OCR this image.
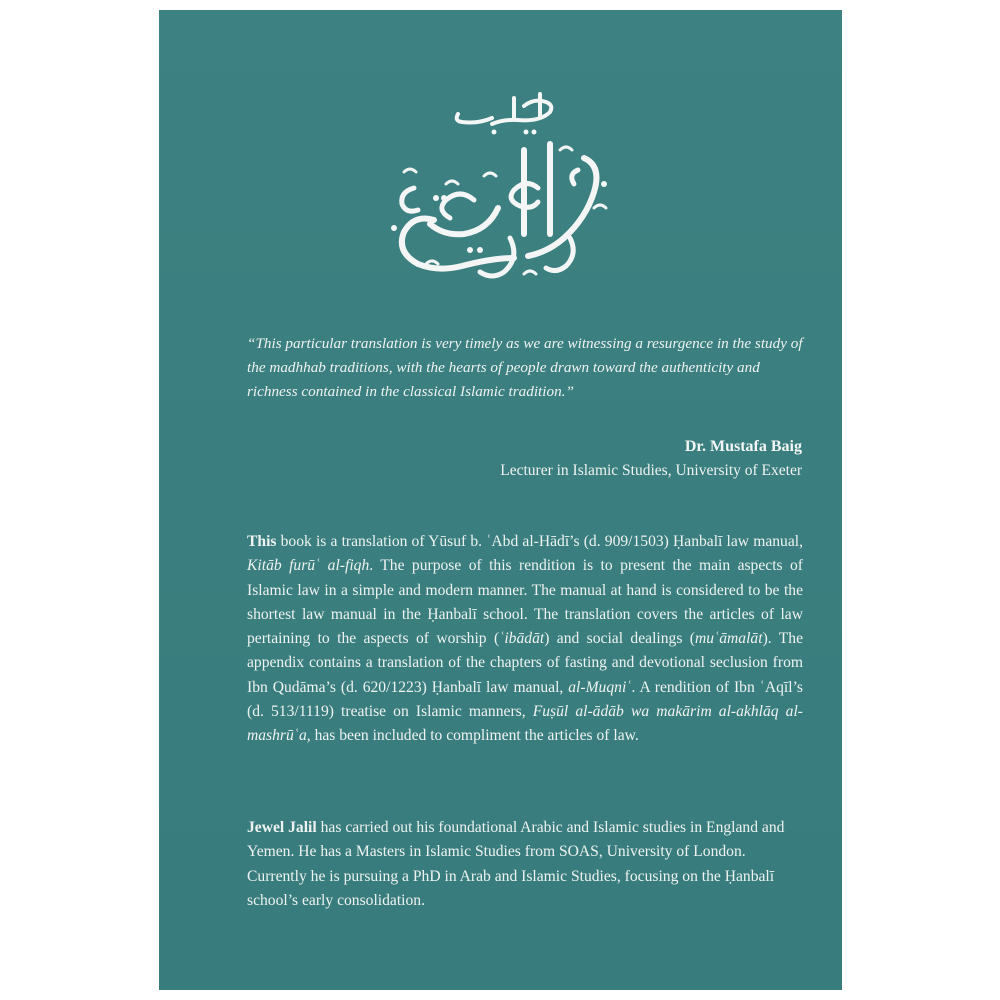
“This particular translation is very timely as we are witnessing a resurgence in the study of the madhhab traditions, with the hearts of people drawn toward the authenticity and richness contained in the classical Islamic tradition.”
Dr. Mustafa Baig
Lecturer in Islamic Studies, University of Exeter
This book is a translation of Yūsuf b. ʿAbd al-Hādī’s (d. 909/1503) Ḥanbalī law manual, Kitāb furūʿ al-fiqh. The purpose of this rendition is to present the main aspects of Islamic law in a simple and modern manner. The manual at hand is considered to be the shortest law manual in the Ḥanbalī school. The translation covers the articles of law pertaining to the aspects of worship (ʿibādāt) and social dealings (muʿāmalāt). The appendix contains a translation of the chapters of fasting and devotional seclusion from Ibn Qudāma’s (d. 620/1223) Ḥanbalī law manual, al-Muqniʿ. A rendition of Ibn ʿAqīl’s (d. 513/1119) treatise on Islamic manners, Fuṣūl al-ādāb wa makārim al-akhlāq al-mashrūʿa, has been included to compliment the articles of law.
Jewel Jalil has carried out his foundational Arabic and Islamic studies in England and Yemen. He has a Masters in Islamic Studies from SOAS, University of London. Currently he is pursuing a PhD in Arab and Islamic Studies, focusing on the Ḥanbalī school’s early consolidation.
